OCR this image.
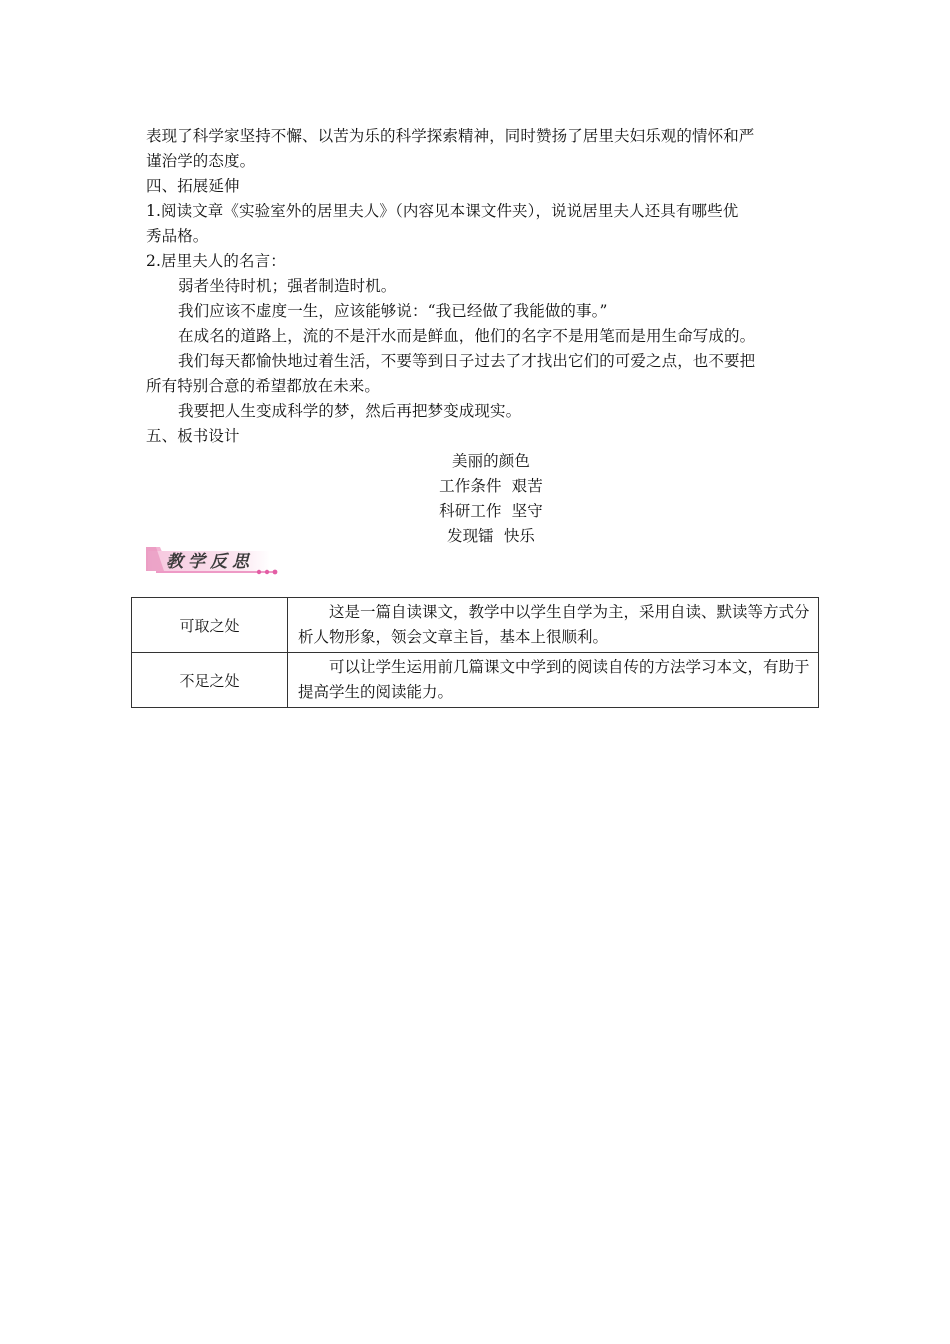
表现了科学家坚持不懈、以苦为乐的科学探索精神，同时赞扬了居里夫妇乐观的情怀和严
谨治学的态度。
四、拓展延伸
1.阅读文章《实验室外的居里夫人》（内容见本课文件夹），说说居里夫人还具有哪些优
秀品格。
2.居里夫人的名言：
弱者坐待时机；强者制造时机。
我们应该不虚度一生，应该能够说：“我已经做了我能做的事。”
在成名的道路上，流的不是汗水而是鲜血，他们的名字不是用笔而是用生命写成的。
我们每天都愉快地过着生活，不要等到日子过去了才找出它们的可爱之点，也不要把
所有特别合意的希望都放在未来。
我要把人生变成科学的梦，然后再把梦变成现实。
五、板书设计
美丽的颜色
工作条件  艰苦
科研工作  坚守
发现镭  快乐
教学反思
可取之处	这是一篇自读课文，教学中以学生自学为主，采用自读、默读等方式分析人物形象，领会文章主旨，基本上很顺利。
不足之处	可以让学生运用前几篇课文中学到的阅读自传的方法学习本文，有助于提高学生的阅读能力。
